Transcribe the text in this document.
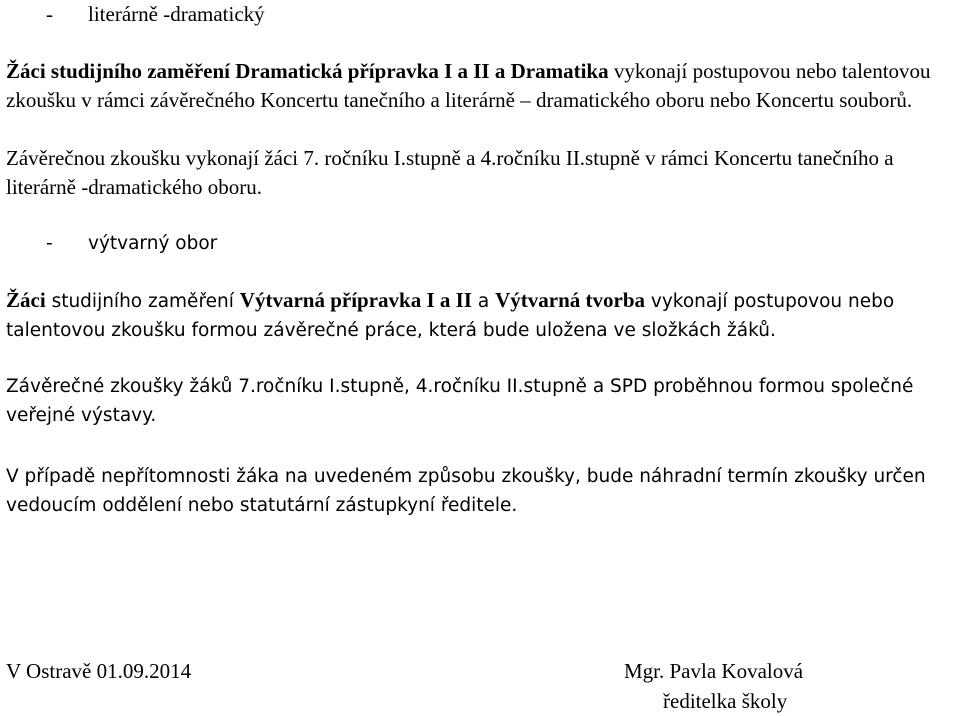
-	literárně -dramatický
Žáci studijního zaměření Dramatická přípravka I a II a Dramatika vykonají postupovou nebo talentovou zkoušku v rámci závěrečného Koncertu tanečního a literárně – dramatického oboru nebo Koncertu souborů.
Závěrečnou zkoušku vykonají žáci 7. ročníku I.stupně a 4.ročníku II.stupně v rámci Koncertu tanečního a literárně -dramatického oboru.
-	výtvarný obor
Žáci studijního zaměření Výtvarná přípravka I a II a Výtvarná tvorba vykonají postupovou nebo talentovou zkoušku formou závěrečné práce, která bude uložena ve složkách žáků.
Závěrečné zkoušky žáků 7.ročníku I.stupně, 4.ročníku II.stupně a SPD proběhnou formou společné veřejné výstavy.
V případě nepřítomnosti žáka na uvedeném způsobu zkoušky, bude náhradní termín zkoušky určen vedoucím oddělení nebo statutární zástupkyní ředitele.
V Ostravě 01.09.2014	Mgr. Pavla Kovalová
ředitelka školy
